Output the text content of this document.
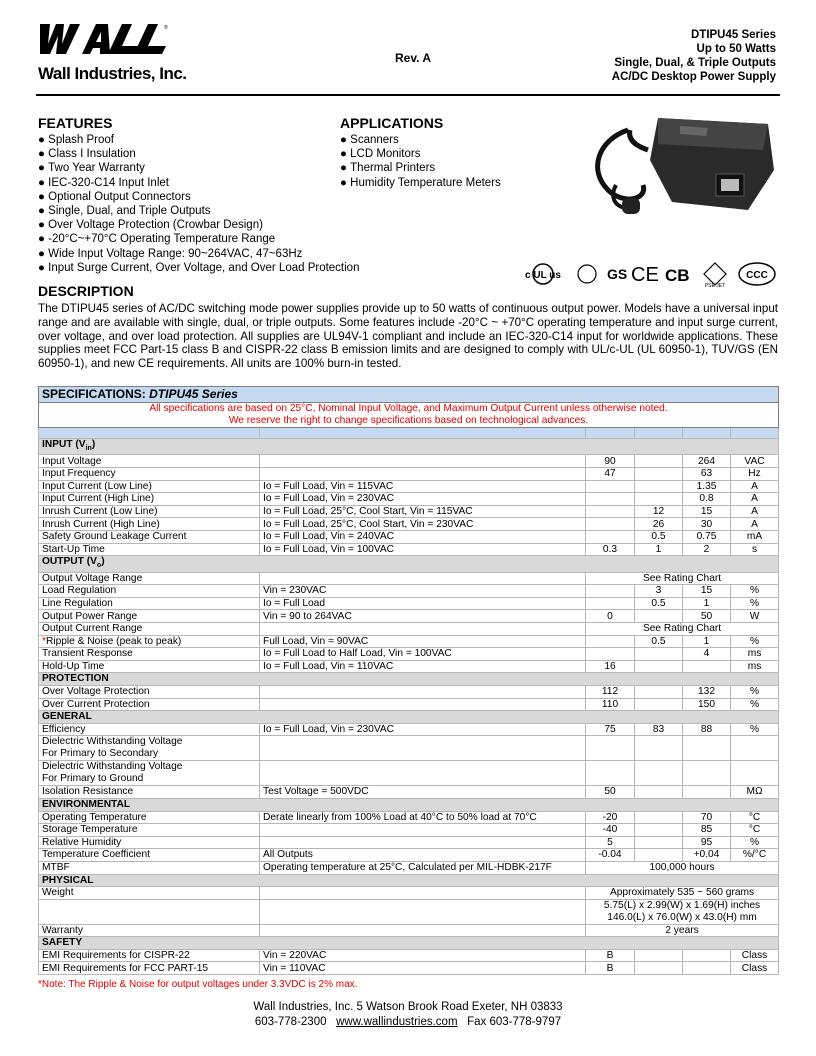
®
Wall Industries, Inc.
Rev. A
DTIPU45 Series
Up to 50 Watts
Single, Dual, & Triple Outputs
AC/DC Desktop Power Supply
FEATURES
● Splash Proof
● Class I Insulation
● Two Year Warranty
● IEC-320-C14 Input Inlet
● Optional Output Connectors
● Single, Dual, and Triple Outputs
● Over Voltage Protection (Crowbar Design)
● -20°C~+70°C Operating Temperature Range
● Wide Input Voltage Range: 90~264VAC, 47~63Hz
● Input Surge Current, Over Voltage, and Over Load Protection
APPLICATIONS
● Scanners
● LCD Monitors
● Thermal Printers
● Humidity Temperature Meters
c UL us	GS CE CB
PSE JET
CCC
DESCRIPTION

The DTIPU45 series of AC/DC switching mode power supplies provide up to 50 watts of continuous output power. Models have a universal input range and are available with single, dual, or triple outputs. Some features include -20°C ~ +70°C operating temperature and input surge current, over voltage, and over load protection. All supplies are UL94V-1 compliant and include an IEC-320-C14 input for worldwide applications. These supplies meet FCC Part-15 class B and CISPR-22 class B emission limits and are designed to comply with UL/c-UL (UL 60950-1), TUV/GS (EN 60950-1), and new CE requirements. All units are 100% burn-in tested.

SPECIFICATIONS: DTIPU45 Series					

All specifications are based on 25°C, Nominal Input Voltage, and Maximum Output Current unless otherwise noted.
We reserve the right to change specifications based on technological advances.					

INPUT $(V_{in})$					
Input Voltage		90		264	VAC
Input Frequency		47		63	Hz
Input Current (Low Line)	Io = Full Load, Vin = 115VAC			1.35	A
Input Current (High Line)	Io = Full Load, Vin = 230VAC			0.8	A
Inrush Current (Low Line)	Io = Full Load, 25°C, Cool Start, Vin = 115VAC		12	15	A
Inrush Current (High Line)	Io = Full Load, 25°C, Cool Start, Vin = 230VAC		26	30	A
Safety Ground Leakage Current	Io = Full Load, Vin = 240VAC		0.5	0.75	mA
Start-Up Time	Io = Full Load, Vin = 100VAC	0.3	1	2	s
OUTPUT $(V_o)$					
Output Voltage Range		See Rating Chart			
Load Regulation	Vin = 230VAC		3	15	%
Line Regulation	Io = Full Load		0.5	1	%
Output Power Range	Vin = 90 to 264VAC	0		50	W
Output Current Range		See Rating Chart			
*Ripple & Noise (peak to peak)	Full Load, Vin = 90VAC		0.5	1	%
Transient Response	Io = Full Load to Half Load, Vin = 100VAC			4	ms
Hold-Up Time	Io = Full Load, Vin = 110VAC	16			ms
PROTECTION					
Over Voltage Protection		112		132	%
Over Current Protection		110		150	%
GENERAL					
Efficiency	Io = Full Load, Vin = 230VAC	75	83	88	%

Dielectric Withstanding Voltage
For Primary to Secondary					

Dielectric Withstanding Voltage
For Primary to Ground					

Isolation Resistance	Test Voltage = 500VDC	50			MΩ
ENVIRONMENTAL					
Operating Temperature	Derate linearly from 100% Load at 40°C to 50% load at 70°C	-20		70	°C
Storage Temperature		-40		85	°C
Relative Humidity		5		95	%
Temperature Coefficient	All Outputs	-0.04		+0.04	%/°C
MTBF	Operating temperature at 25°C, Calculated per MIL-HDBK-217F	100,000 hours			
PHYSICAL					
Weight		Approximately 535 ~ 560 grams			

		5.75(L) x 2.99(W) x 1.69(H) inches
146.0(L) x 76.0(W) x 43.0(H) mm			

Warranty		2 years			
SAFETY					
EMI Requirements for CISPR-22	Vin = 220VAC	B			Class
EMI Requirements for FCC PART-15	Vin = 110VAC	B			Class
*Note: The Ripple & Noise for output voltages under 3.3VDC is 2% max.
Wall Industries, Inc. 5 Watson Brook Road Exeter, NH 03833
603-778-2300 www.wallindustries.com Fax 603-778-9797
